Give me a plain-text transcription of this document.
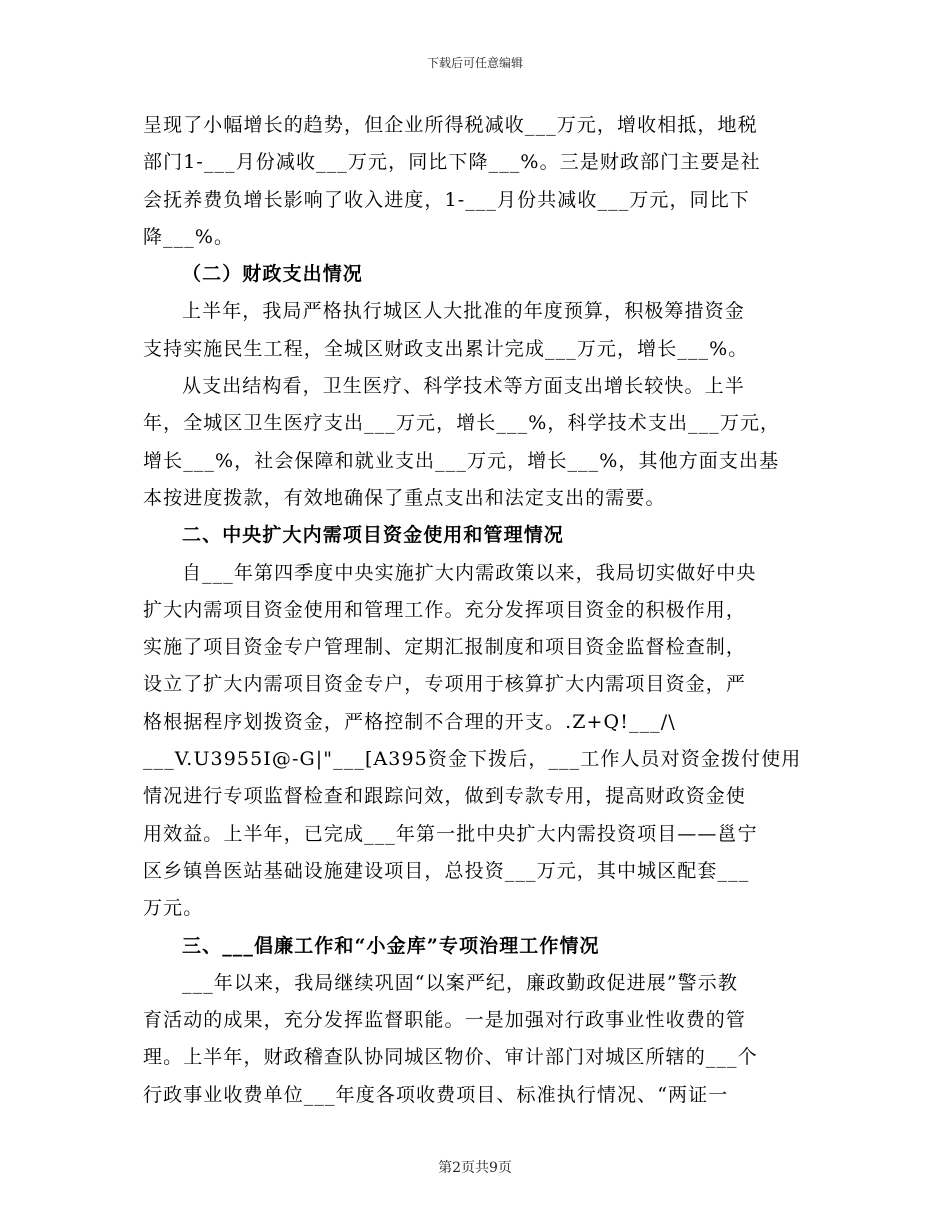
下载后可任意编辑

呈现了小幅增长的趋势，但企业所得税减收___万元，增收相抵，地税

部门1-___月份减收___万元，同比下降___%。三是财政部门主要是社

会抚养费负增长影响了收入进度，1-___月份共减收___万元，同比下

降___%。

（二）财政支出情况

上半年，我局严格执行城区人大批准的年度预算，积极筹措资金

支持实施民生工程，全城区财政支出累计完成___万元，增长___%。

从支出结构看，卫生医疗、科学技术等方面支出增长较快。上半

年，全城区卫生医疗支出___万元，增长___%，科学技术支出___万元，

增长___%，社会保障和就业支出___万元，增长___%，其他方面支出基

本按进度拨款，有效地确保了重点支出和法定支出的需要。

二、中央扩大内需项目资金使用和管理情况

自___年第四季度中央实施扩大内需政策以来，我局切实做好中央

扩大内需项目资金使用和管理工作。充分发挥项目资金的积极作用，

实施了项目资金专户管理制、定期汇报制度和项目资金监督检查制，

设立了扩大内需项目资金专户，专项用于核算扩大内需项目资金，严

格根据程序划拨资金，严格控制不合理的开支。.Z+Q!___/\

___V.U3955I@-G|"___[A395资金下拨后，___工作人员对资金拨付使用

情况进行专项监督检查和跟踪问效，做到专款专用，提高财政资金使

用效益。上半年，已完成___年第一批中央扩大内需投资项目——邕宁

区乡镇兽医站基础设施建设项目，总投资___万元，其中城区配套___

万元。

三、___倡廉工作和“小金库”专项治理工作情况

___年以来，我局继续巩固“以案严纪，廉政勤政促进展”警示教

育活动的成果，充分发挥监督职能。一是加强对行政事业性收费的管

理。上半年，财政稽查队协同城区物价、审计部门对城区所辖的___个

行政事业收费单位___年度各项收费项目、标准执行情况、“两证一

第2页共9页
